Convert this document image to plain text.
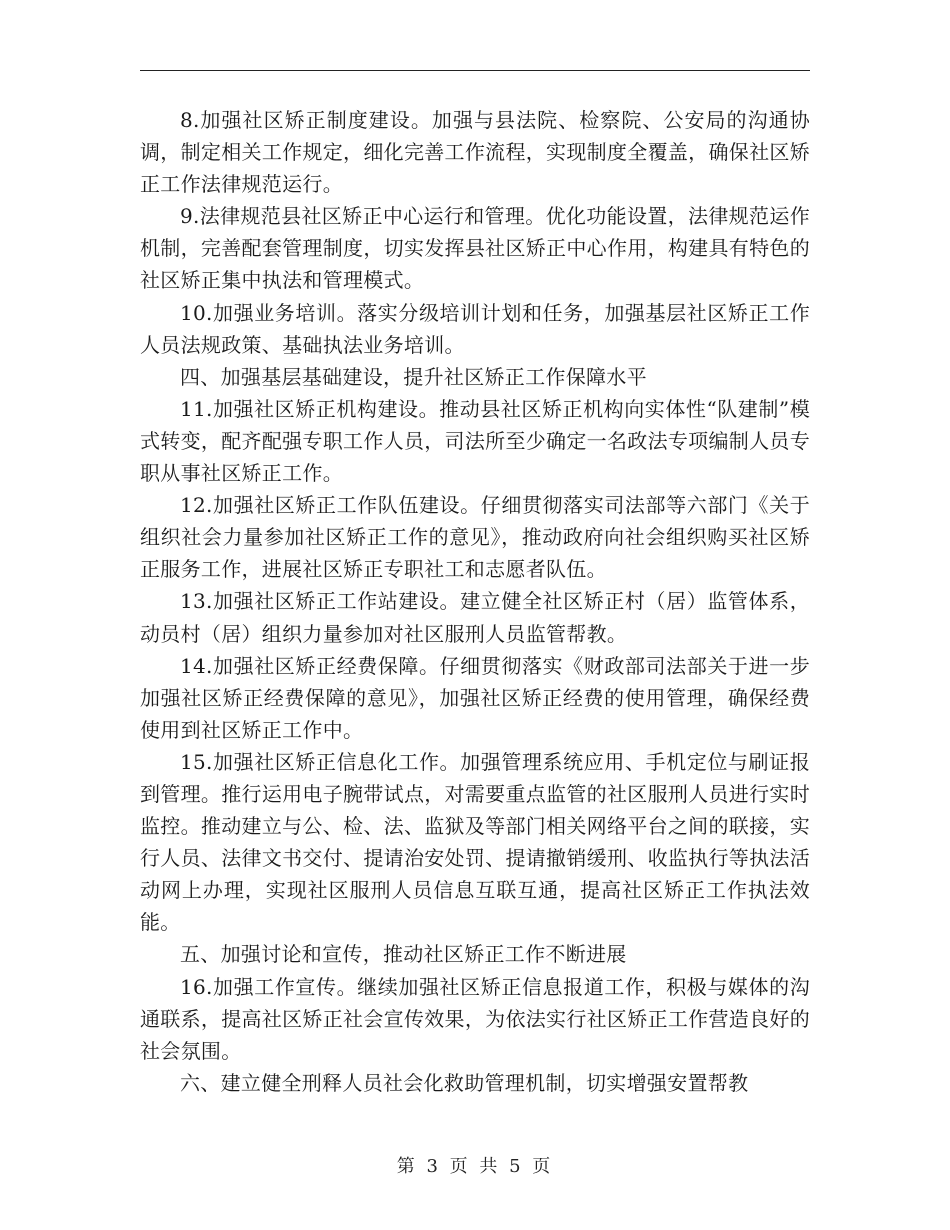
8.加强社区矫正制度建设。加强与县法院、检察院、公安局的沟通协调，制定相关工作规定，细化完善工作流程，实现制度全覆盖，确保社区矫正工作法律规范运行。

9.法律规范县社区矫正中心运行和管理。优化功能设置，法律规范运作机制，完善配套管理制度，切实发挥县社区矫正中心作用，构建具有特色的社区矫正集中执法和管理模式。

10.加强业务培训。落实分级培训计划和任务，加强基层社区矫正工作人员法规政策、基础执法业务培训。

四、加强基层基础建设，提升社区矫正工作保障水平

11.加强社区矫正机构建设。推动县社区矫正机构向实体性“队建制”模式转变，配齐配强专职工作人员，司法所至少确定一名政法专项编制人员专职从事社区矫正工作。

12.加强社区矫正工作队伍建设。仔细贯彻落实司法部等六部门《关于组织社会力量参加社区矫正工作的意见》，推动政府向社会组织购买社区矫正服务工作，进展社区矫正专职社工和志愿者队伍。

13.加强社区矫正工作站建设。建立健全社区矫正村（居）监管体系，动员村（居）组织力量参加对社区服刑人员监管帮教。

14.加强社区矫正经费保障。仔细贯彻落实《财政部司法部关于进一步加强社区矫正经费保障的意见》，加强社区矫正经费的使用管理，确保经费使用到社区矫正工作中。

15.加强社区矫正信息化工作。加强管理系统应用、手机定位与刷证报到管理。推行运用电子腕带试点，对需要重点监管的社区服刑人员进行实时监控。推动建立与公、检、法、监狱及等部门相关网络平台之间的联接，实行人员、法律文书交付、提请治安处罚、提请撤销缓刑、收监执行等执法活动网上办理，实现社区服刑人员信息互联互通，提高社区矫正工作执法效能。

五、加强讨论和宣传，推动社区矫正工作不断进展

16.加强工作宣传。继续加强社区矫正信息报道工作，积极与媒体的沟通联系，提高社区矫正社会宣传效果，为依法实行社区矫正工作营造良好的社会氛围。

六、建立健全刑释人员社会化救助管理机制，切实增强安置帮教

第 3 页 共 5 页
